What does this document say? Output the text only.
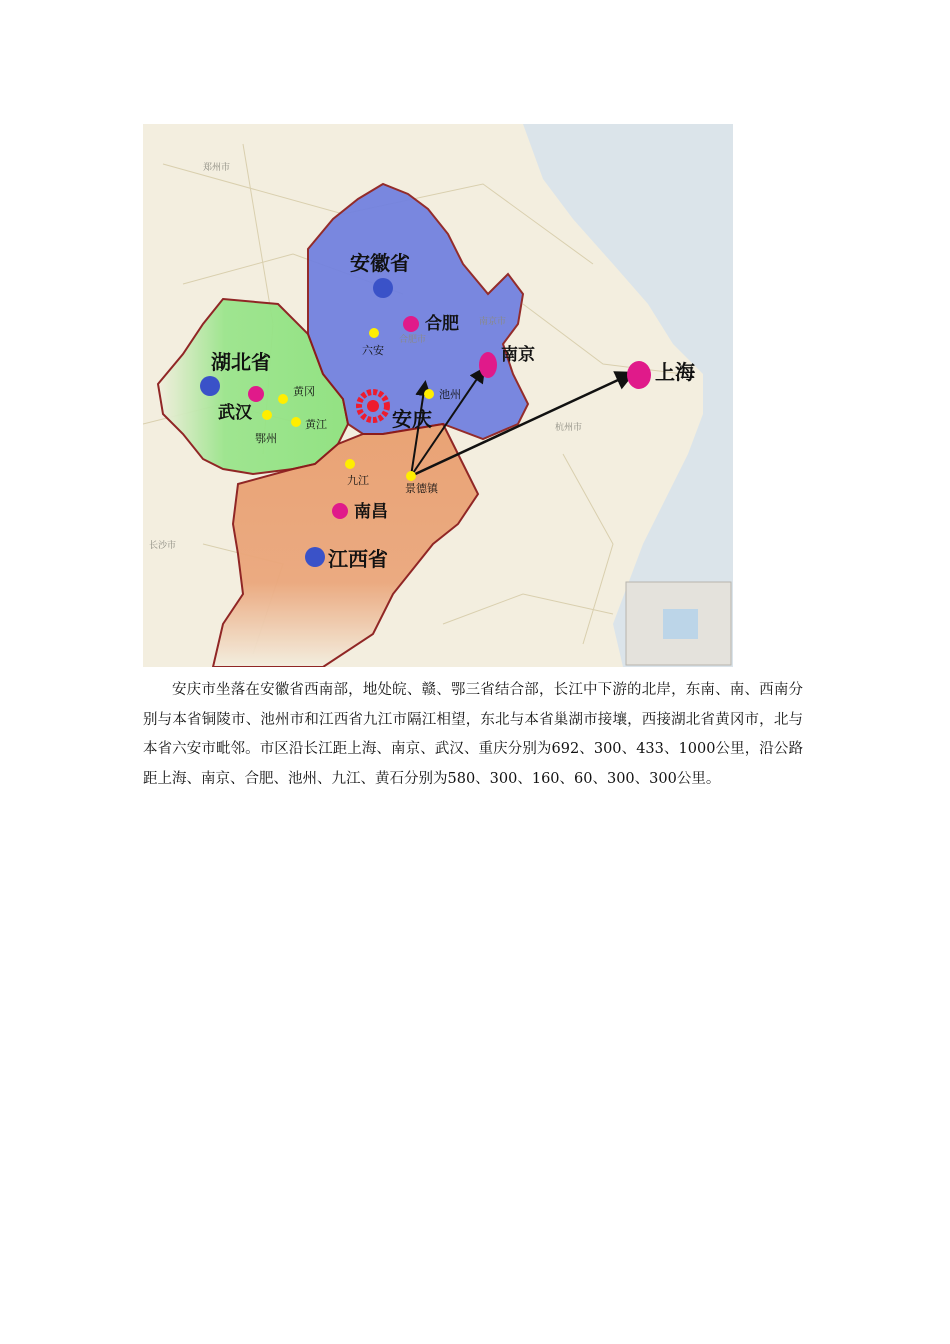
郑州市
南京市
合肥市
杭州市
长沙市
安徽省
湖北省
江西省
合肥
武汉
南昌
南京
上海
安庆
六安
池州
黄冈
黄江
鄂州
九江
景德镇

安庆市坐落在安徽省西南部，地处皖、赣、鄂三省结合部，长江中下游的北岸，东南、南、西南分别与本省铜陵市、池州市和江西省九江市隔江相望，东北与本省巢湖市接壤，西接湖北省黄冈市，北与本省六安市毗邻。市区沿长江距上海、南京、武汉、重庆分别为692、300、433、1000公里，沿公路距上海、南京、合肥、池州、九江、黄石分别为580、300、160、60、300、300公里。
